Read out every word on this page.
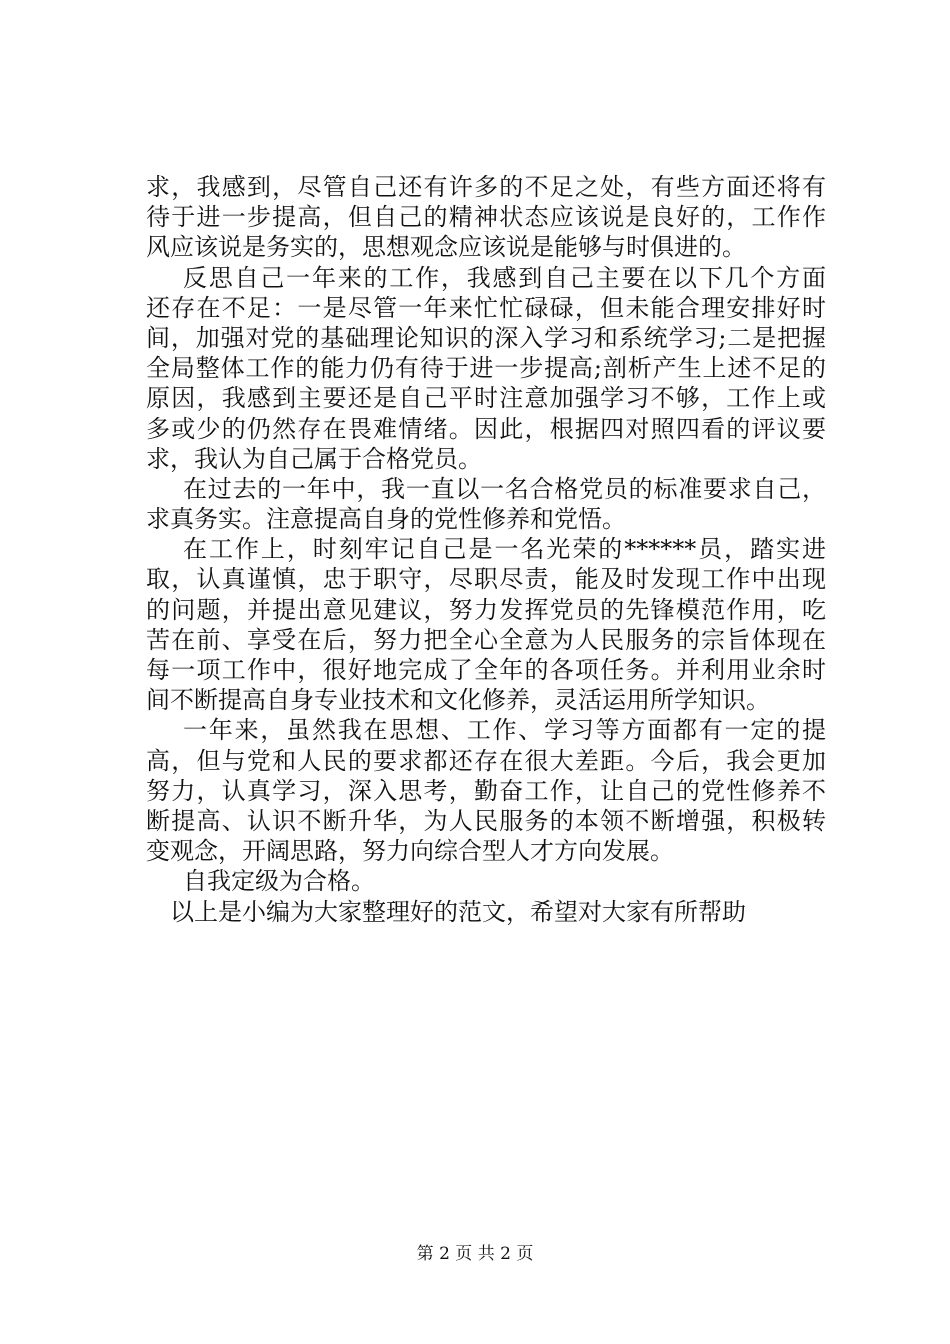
求，我感到，尽管自己还有许多的不足之处，有些方面还将有
待于进一步提高，但自己的精神状态应该说是良好的，工作作
风应该说是务实的，思想观念应该说是能够与时俱进的。
反思自己一年来的工作，我感到自己主要在以下几个方面
还存在不足：一是尽管一年来忙忙碌碌，但未能合理安排好时
间，加强对党的基础理论知识的深入学习和系统学习;二是把握
全局整体工作的能力仍有待于进一步提高;剖析产生上述不足的
原因，我感到主要还是自己平时注意加强学习不够，工作上或
多或少的仍然存在畏难情绪。因此，根据四对照四看的评议要
求，我认为自己属于合格党员。
在过去的一年中，我一直以一名合格党员的标准要求自己，
求真务实。注意提高自身的党性修养和党悟。
在工作上，时刻牢记自己是一名光荣的******员，踏实进
取，认真谨慎，忠于职守，尽职尽责，能及时发现工作中出现
的问题，并提出意见建议，努力发挥党员的先锋模范作用，吃
苦在前、享受在后，努力把全心全意为人民服务的宗旨体现在
每一项工作中，很好地完成了全年的各项任务。并利用业余时
间不断提高自身专业技术和文化修养，灵活运用所学知识。
一年来，虽然我在思想、工作、学习等方面都有一定的提
高，但与党和人民的要求都还存在很大差距。今后，我会更加
努力，认真学习，深入思考，勤奋工作，让自己的党性修养不
断提高、认识不断升华，为人民服务的本领不断增强，积极转
变观念，开阔思路，努力向综合型人才方向发展。
自我定级为合格。
以上是小编为大家整理好的范文，希望对大家有所帮助
第 2 页 共 2 页
